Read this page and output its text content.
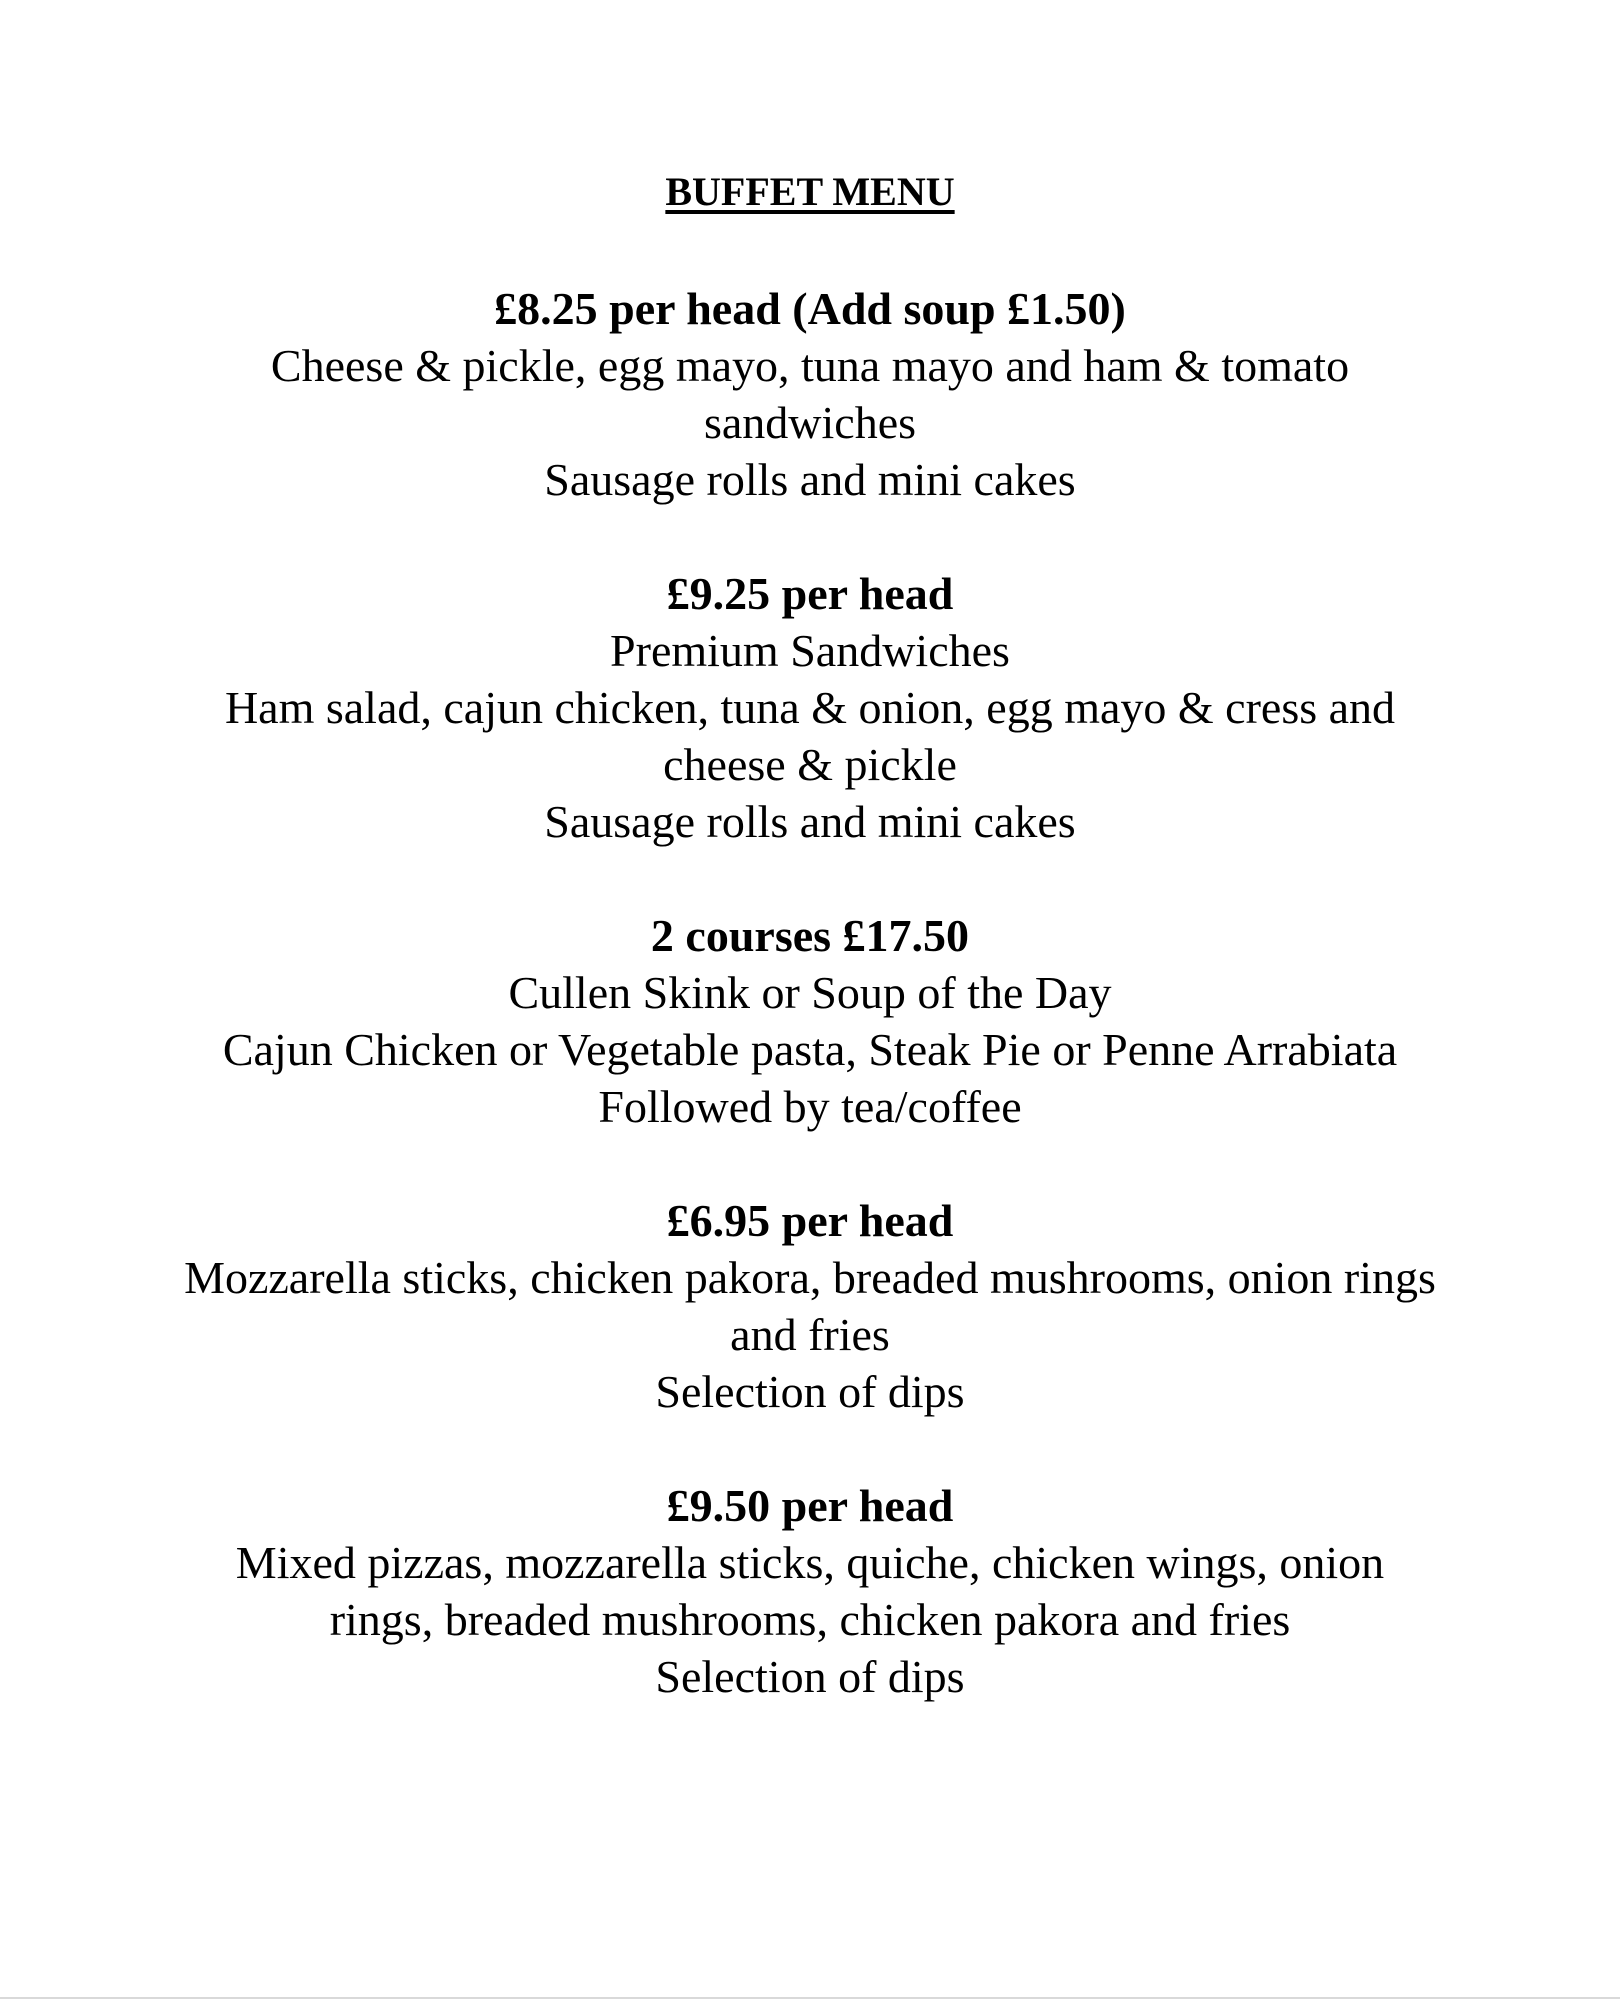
BUFFET MENU
£8.25 per head (Add soup £1.50)
Cheese & pickle, egg mayo, tuna mayo and ham & tomato sandwiches
Sausage rolls and mini cakes
£9.25 per head
Premium Sandwiches
Ham salad, cajun chicken, tuna & onion, egg mayo & cress and cheese & pickle
Sausage rolls and mini cakes
2 courses £17.50
Cullen Skink or Soup of the Day
Cajun Chicken or Vegetable pasta, Steak Pie or Penne Arrabiata
Followed by tea/coffee
£6.95 per head
Mozzarella sticks, chicken pakora, breaded mushrooms, onion rings and fries
Selection of dips
£9.50 per head
Mixed pizzas, mozzarella sticks, quiche, chicken wings, onion rings, breaded mushrooms, chicken pakora and fries
Selection of dips
